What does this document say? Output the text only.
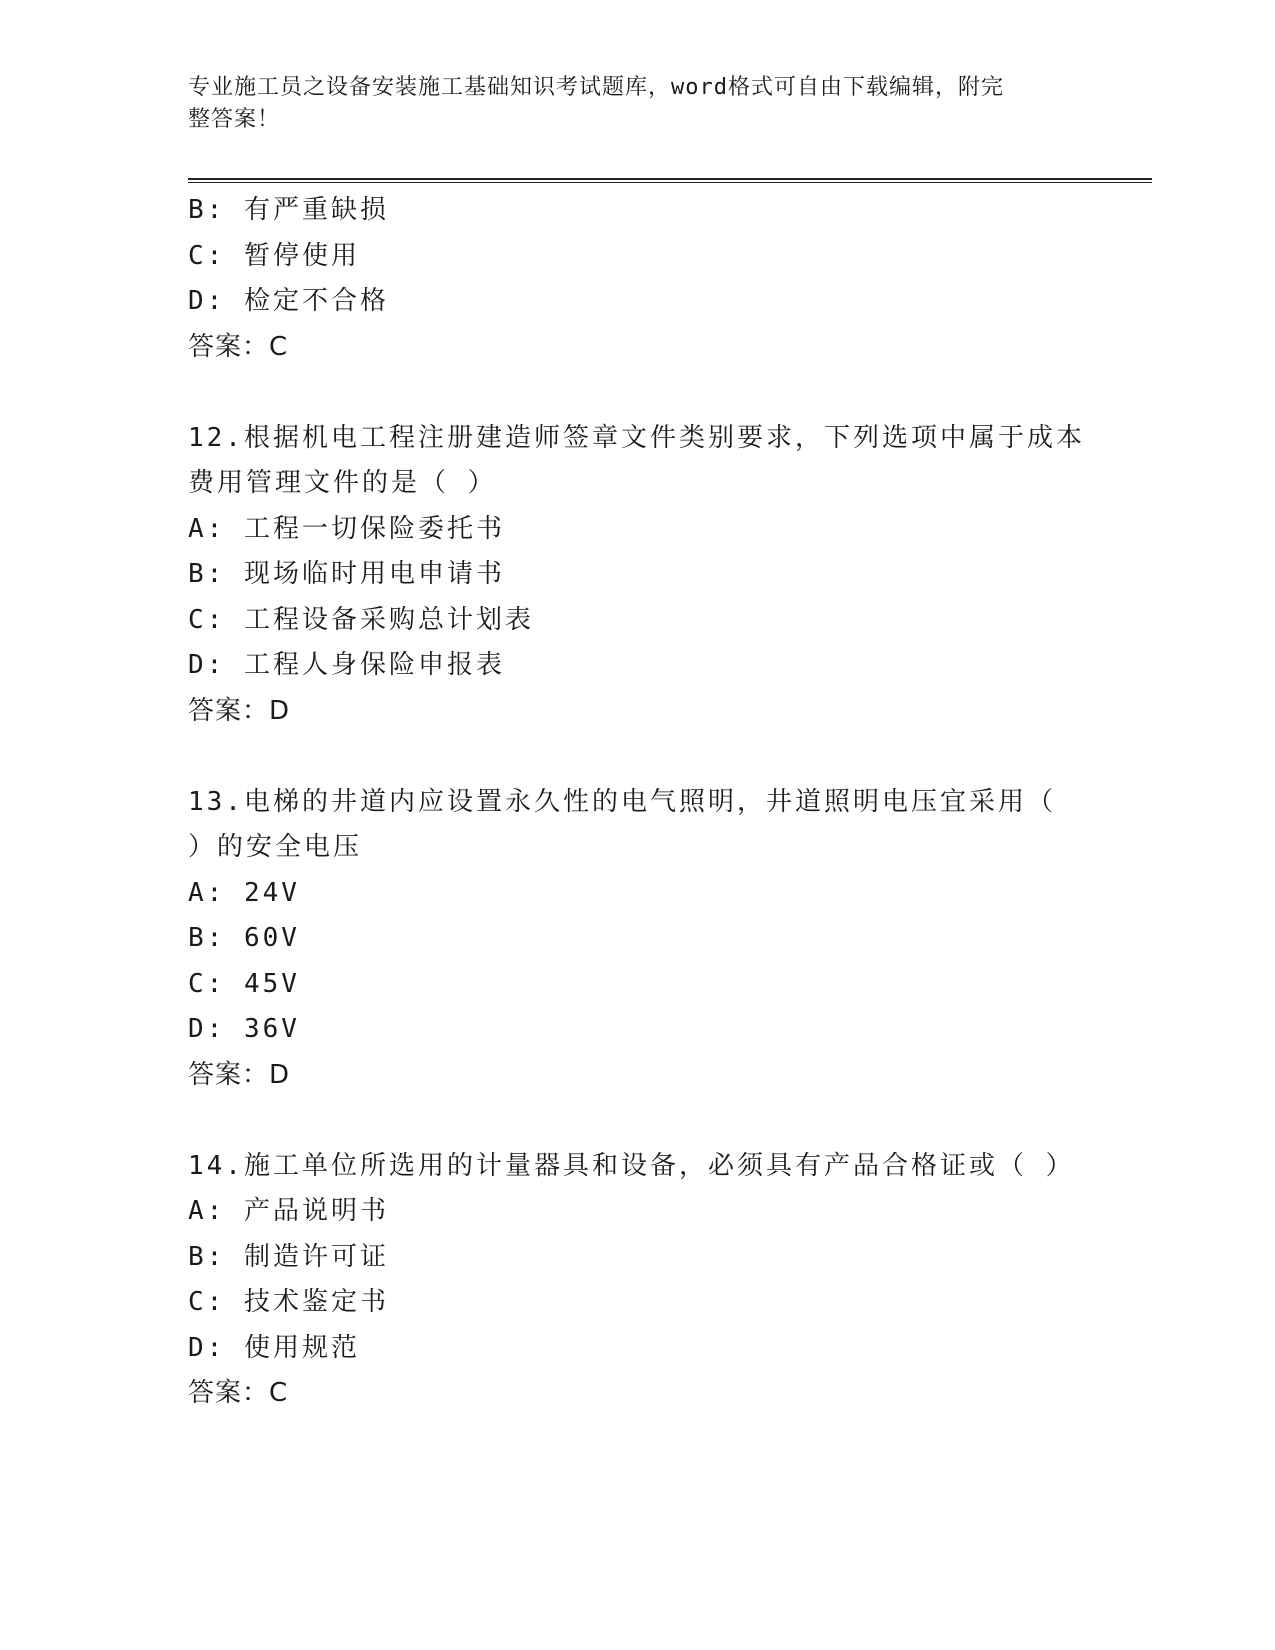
专业施工员之设备安装施工基础知识考试题库，word格式可自由下载编辑，附完
整答案！
B: 有严重缺损
C: 暂停使用
D: 检定不合格
答案：C
12.根据机电工程注册建造师签章文件类别要求，下列选项中属于成本
费用管理文件的是（ ）
A: 工程一切保险委托书
B: 现场临时用电申请书
C: 工程设备采购总计划表
D: 工程人身保险申报表
答案：D
13.电梯的井道内应设置永久性的电气照明，井道照明电压宜采用（
）的安全电压
A: 24V
B: 60V
C: 45V
D: 36V
答案：D
14.施工单位所选用的计量器具和设备，必须具有产品合格证或（ ）
A: 产品说明书
B: 制造许可证
C: 技术鉴定书
D: 使用规范
答案：C
